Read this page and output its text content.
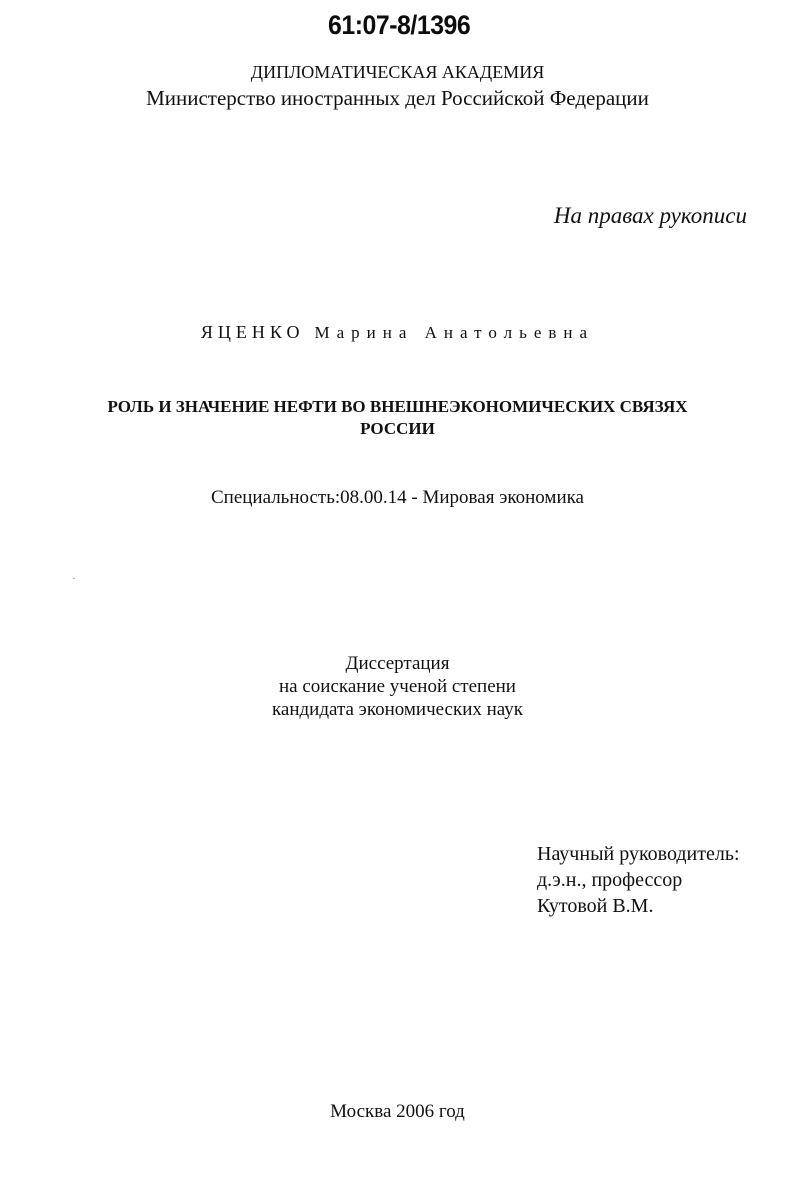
61:07-8/1396
ДИПЛОМАТИЧЕСКАЯ АКАДЕМИЯ
Министерство иностранных дел Российской Федерации
На правах рукописи
ЯЦЕНКО Марина Анатольевна
РОЛЬ И ЗНАЧЕНИЕ НЕФТИ ВО ВНЕШНЕЭКОНОМИЧЕСКИХ СВЯЗЯХ
РОССИИ
Специальность:08.00.14 - Мировая экономика
Диссертация
на соискание ученой степени
кандидата экономических наук
Научный руководитель:
д.э.н., профессор
Кутовой В.М.
Москва 2006 год
